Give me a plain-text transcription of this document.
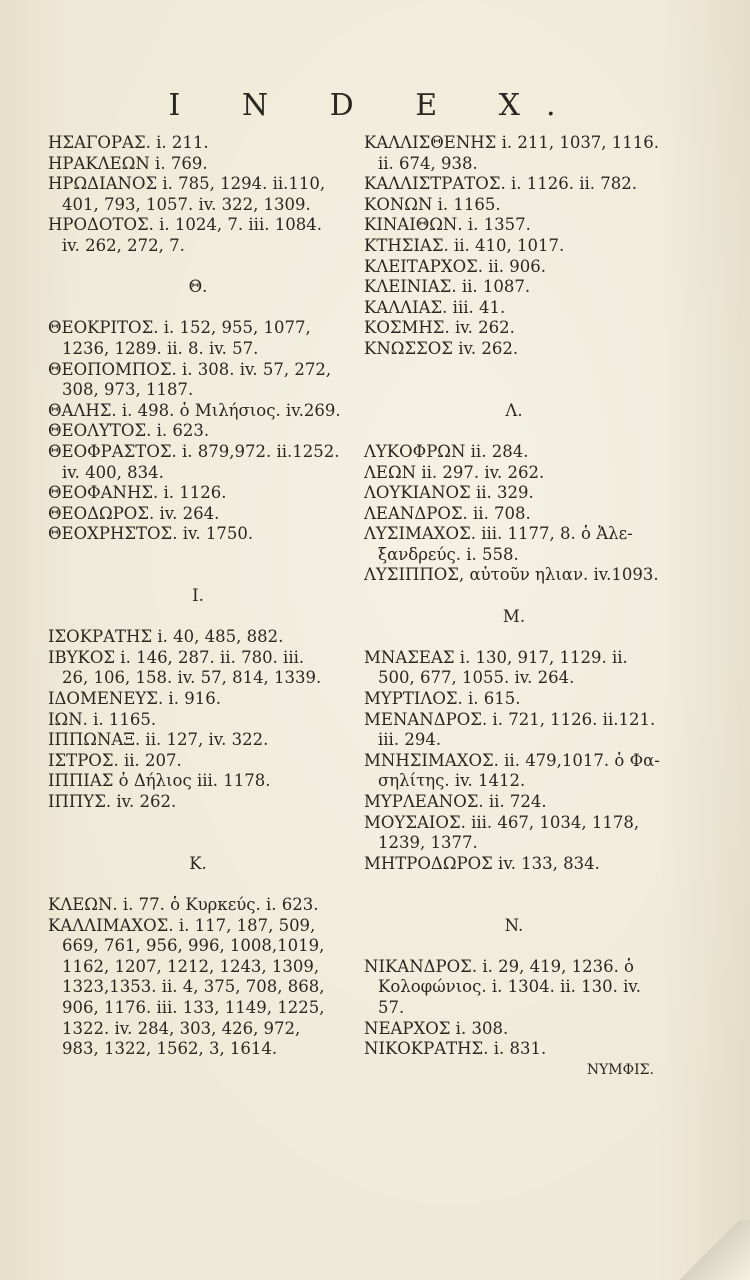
I N D E X.
ΗΣΑΓΟΡΑΣ. i. 211.
ΗΡΑΚΛΕΩΝ i. 769.
ΗΡΩΔΙΑΝΟΣ i. 785, 1294. ii.110,
401, 793, 1057. iv. 322, 1309.
ΗΡΟΔΟΤΟΣ. i. 1024, 7. iii. 1084.
iv. 262, 272, 7.
Θ.
ΘΕΟΚΡΙΤΟΣ. i. 152, 955, 1077,
1236, 1289. ii. 8. iv. 57.
ΘΕΟΠΟΜΠΟΣ. i. 308. iv. 57, 272,
308, 973, 1187.
ΘΑΛΗΣ. i. 498. ὁ Μιλήσιος. iv.269.
ΘΕΟΛΥΤΟΣ. i. 623.
ΘΕΟΦΡΑΣΤΟΣ. i. 879,972. ii.1252.
iv. 400, 834.
ΘΕΟΦΑΝΗΣ. i. 1126.
ΘΕΟΔΩΡΟΣ. iv. 264.
ΘΕΟΧΡΗΣΤΟΣ. iv. 1750.
I.
ΙΣΟΚΡΑΤΗΣ i. 40, 485, 882.
ΙΒΥΚΟΣ i. 146, 287. ii. 780. iii.
26, 106, 158. iv. 57, 814, 1339.
ΙΔΟΜΕΝΕΥΣ. i. 916.
ΙΩΝ. i. 1165.
ΙΠΠΩΝΑΞ. ii. 127, iv. 322.
ΙΣΤΡΟΣ. ii. 207.
ΙΠΠΙΑΣ ὁ Δήλιος iii. 1178.
ΙΠΠΥΣ. iv. 262.
K.
ΚΛΕΩΝ. i. 77. ὁ Κυρκεύς. i. 623.
ΚΑΛΛΙΜΑΧΟΣ. i. 117, 187, 509,
669, 761, 956, 996, 1008,1019,
1162, 1207, 1212, 1243, 1309,
1323,1353. ii. 4, 375, 708, 868,
906, 1176. iii. 133, 1149, 1225,
1322. iv. 284, 303, 426, 972,
983, 1322, 1562, 3, 1614.
ΚΑΛΛΙΣΘΕΝΗΣ i. 211, 1037, 1116.
ii. 674, 938.
ΚΑΛΛΙΣΤΡΑΤΟΣ. i. 1126. ii. 782.
ΚΟΝΩΝ i. 1165.
ΚΙΝΑΙΘΩΝ. i. 1357.
ΚΤΗΣΙΑΣ. ii. 410, 1017.
ΚΛΕΙΤΑΡΧΟΣ. ii. 906.
ΚΛΕΙΝΙΑΣ. ii. 1087.
ΚΑΛΛΙΑΣ. iii. 41.
ΚΟΣΜΗΣ. iv. 262.
ΚΝΩΣΣΟΣ iv. 262.
Λ.
ΛΥΚΟΦΡΩΝ ii. 284.
ΛΕΩΝ ii. 297. iv. 262.
ΛΟΥΚΙΑΝΟΣ ii. 329.
ΛΕΑΝΔΡΟΣ. ii. 708.
ΛΥΣΙΜΑΧΟΣ. iii. 1177, 8. ὁ Ἀλε-
ξανδρεύς. i. 558.
ΛΥΣΙΠΠΟΣ, αὐτοῦν ηλιαν. iv.1093.
M.
ΜΝΑΣΕΑΣ i. 130, 917, 1129. ii.
500, 677, 1055. iv. 264.
ΜΥΡΤΙΛΟΣ. i. 615.
ΜΕΝΑΝΔΡΟΣ. i. 721, 1126. ii.121.
iii. 294.
ΜΝΗΣΙΜΑΧΟΣ. ii. 479,1017. ὁ Φα-
σηλίτης. iv. 1412.
ΜΥΡΛΕΑΝΟΣ. ii. 724.
ΜΟΥΣΑΙΟΣ. iii. 467, 1034, 1178,
1239, 1377.
ΜΗΤΡΟΔΩΡΟΣ iv. 133, 834.
N.
ΝΙΚΑΝΔΡΟΣ. i. 29, 419, 1236. ὁ
Κολοφώνιος. i. 1304. ii. 130. iv.
57.
ΝΕΑΡΧΟΣ i. 308.
ΝΙΚΟΚΡΑΤΗΣ. i. 831.
ΝΥΜΦΙΣ.
